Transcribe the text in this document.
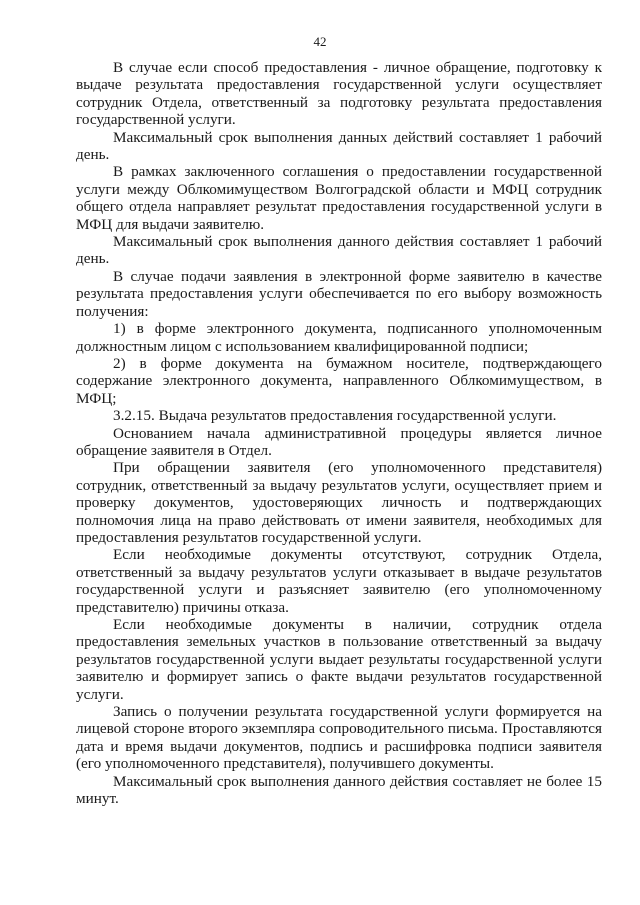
42

В случае если способ предоставления - личное обращение, подготовку к выдаче результата предоставления государственной услуги осуществляет сотрудник Отдела, ответственный за подготовку результата предоставления государственной услуги.

Максимальный срок выполнения данных действий составляет 1 рабочий день.

В рамках заключенного соглашения о предоставлении государственной услуги между Облкомимуществом Волгоградской области и МФЦ сотрудник общего отдела направляет результат предоставления государственной услуги в МФЦ для выдачи заявителю.

Максимальный срок выполнения данного действия составляет 1 рабочий день.

В случае подачи заявления в электронной форме заявителю в качестве результата предоставления услуги обеспечивается по его выбору возможность получения:

1) в форме электронного документа, подписанного уполномоченным должностным лицом с использованием квалифицированной подписи;

2) в форме документа на бумажном носителе, подтверждающего содержание электронного документа, направленного Облкомимуществом, в МФЦ;

3.2.15. Выдача результатов предоставления государственной услуги.

Основанием начала административной процедуры является личное обращение заявителя в Отдел.

При обращении заявителя (его уполномоченного представителя) сотрудник, ответственный за выдачу результатов услуги, осуществляет прием и проверку документов, удостоверяющих личность и подтверждающих полномочия лица на право действовать от имени заявителя, необходимых для предоставления результатов государственной услуги.

Если необходимые документы отсутствуют, сотрудник Отдела, ответственный за выдачу результатов услуги отказывает в выдаче результатов государственной услуги и разъясняет заявителю (его уполномоченному представителю) причины отказа.

Если необходимые документы в наличии, сотрудник отдела предоставления земельных участков в пользование ответственный за выдачу результатов государственной услуги выдает результаты государственной услуги заявителю и формирует запись о факте выдачи результатов государственной услуги.

Запись о получении результата государственной услуги формируется на лицевой стороне второго экземпляра сопроводительного письма. Проставляются дата и время выдачи документов, подпись и расшифровка подписи заявителя (его уполномоченного представителя), получившего документы.

Максимальный срок выполнения данного действия составляет не более 15 минут.
